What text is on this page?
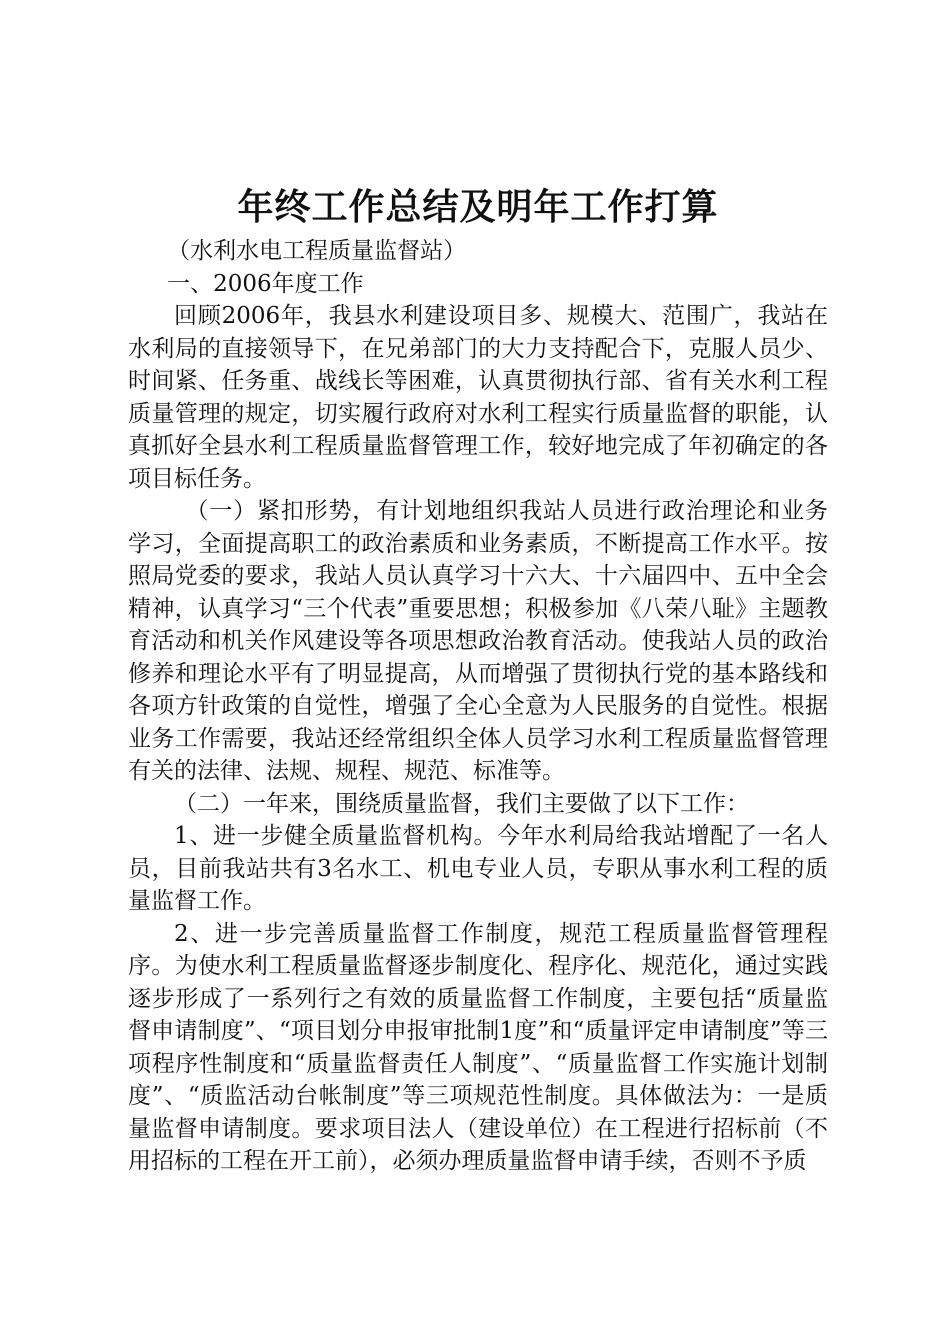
年终工作总结及明年工作打算

（水利水电工程质量监督站）

一、2006年度工作

回顾2006年，我县水利建设项目多、规模大、范围广，我站在水利局的直接领导下，在兄弟部门的大力支持配合下，克服人员少、时间紧、任务重、战线长等困难，认真贯彻执行部、省有关水利工程质量管理的规定，切实履行政府对水利工程实行质量监督的职能，认真抓好全县水利工程质量监督管理工作，较好地完成了年初确定的各项目标任务。

（一）紧扣形势，有计划地组织我站人员进行政治理论和业务学习，全面提高职工的政治素质和业务素质，不断提高工作水平。按照局党委的要求，我站人员认真学习十六大、十六届四中、五中全会精神，认真学习“三个代表”重要思想；积极参加《八荣八耻》主题教育活动和机关作风建设等各项思想政治教育活动。使我站人员的政治修养和理论水平有了明显提高，从而增强了贯彻执行党的基本路线和各项方针政策的自觉性，增强了全心全意为人民服务的自觉性。根据业务工作需要，我站还经常组织全体人员学习水利工程质量监督管理有关的法律、法规、规程、规范、标准等。

（二）一年来，围绕质量监督，我们主要做了以下工作：

1、进一步健全质量监督机构。今年水利局给我站增配了一名人员，目前我站共有3名水工、机电专业人员，专职从事水利工程的质量监督工作。

2、进一步完善质量监督工作制度，规范工程质量监督管理程序。为使水利工程质量监督逐步制度化、程序化、规范化，通过实践逐步形成了一系列行之有效的质量监督工作制度，主要包括“质量监督申请制度”、“项目划分申报审批制1度”和“质量评定申请制度”等三项程序性制度和“质量监督责任人制度”、“质量监督工作实施计划制度”、“质监活动台帐制度”等三项规范性制度。具体做法为：一是质量监督申请制度。要求项目法人（建设单位）在工程进行招标前（不用招标的工程在开工前），必须办理质量监督申请手续，否则不予质
